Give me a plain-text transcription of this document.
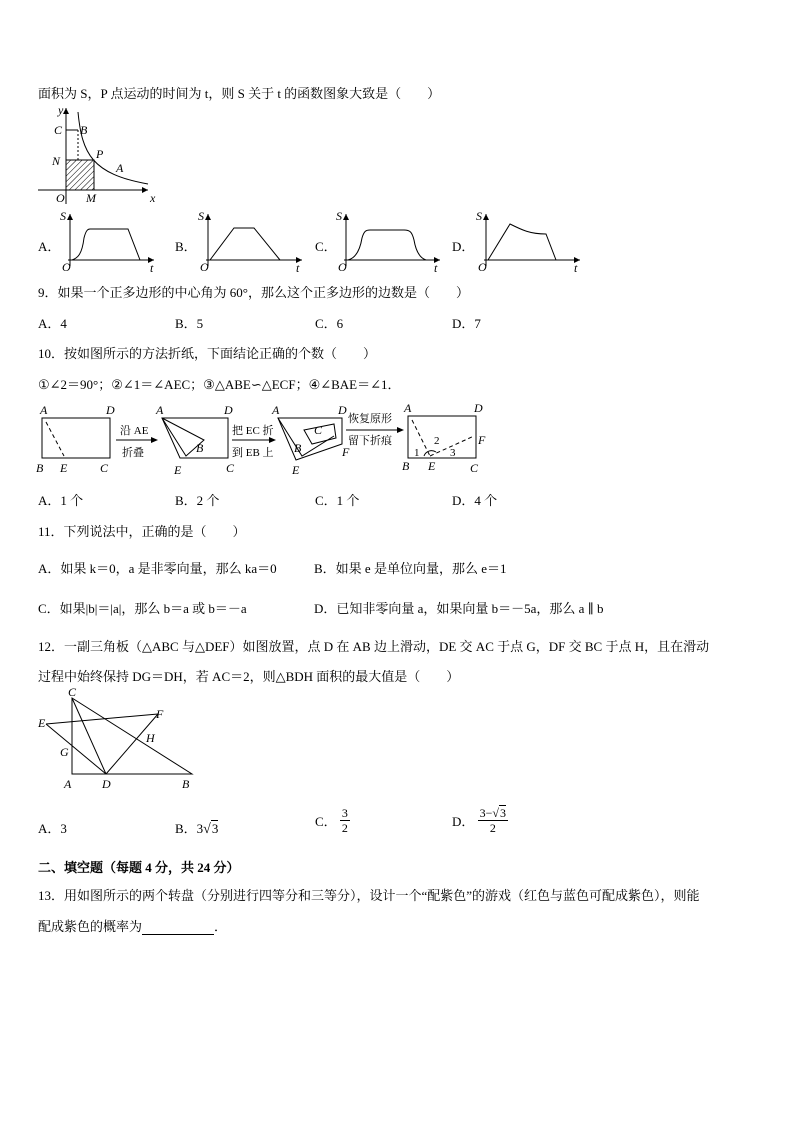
面积为 S，P 点运动的时间为 t，则 S 关于 t 的函数图象大致是（　　）
y
x
O
C B
N	P
A
M
A．
S
O	t
B．
S
O	t
C．
S
O	t
D．
S
O	t
9．如果一个正多边形的中心角为 60°，那么这个正多边形的边数是（　　）
A．4	B．5	C．6	D．7
10．按如图所示的方法折纸，下面结论正确的个数（　　）
①∠2＝90°；②∠1＝∠AEC；③△ABE∽△ECF；④∠BAE＝∠1．
A	D
B E	C
沿 AE
折叠
A	D
B
E	C
把 EC 折
到 EB 上
A	D
C
B
E
F
恢复原形
留下折痕
A	D
B E	C
F
1
2
3
A．1 个	B．2 个	C．1 个	D．4 个
11．下列说法中，正确的是（　　）
A．如果 k＝0，a 是非零向量，那么 ka＝0	B．如果 e 是单位向量，那么 e＝1
C．如果|b|＝|a|，那么 b＝a 或 b＝－a	D．已知非零向量 a，如果向量 b＝－5a，那么 a ∥ b
12．一副三角板（△ABC 与△DEF）如图放置，点 D 在 AB 边上滑动，DE 交 AC 于点 G，DF 交 BC 于点 H，且在滑动
过程中始终保持 DG＝DH，若 AC＝2，则△BDH 面积的最大值是（　　）
C
E
F
G
H
A	D	B
A．3	B．3√3	C． $\frac{3}{2}$	D． $\frac{3-√3}{2}$
二、填空题（每题 4 分，共 24 分）
13．用如图所示的两个转盘（分别进行四等分和三等分），设计一个“配紫色”的游戏（红色与蓝色可配成紫色），则能
配成紫色的概率为	．
